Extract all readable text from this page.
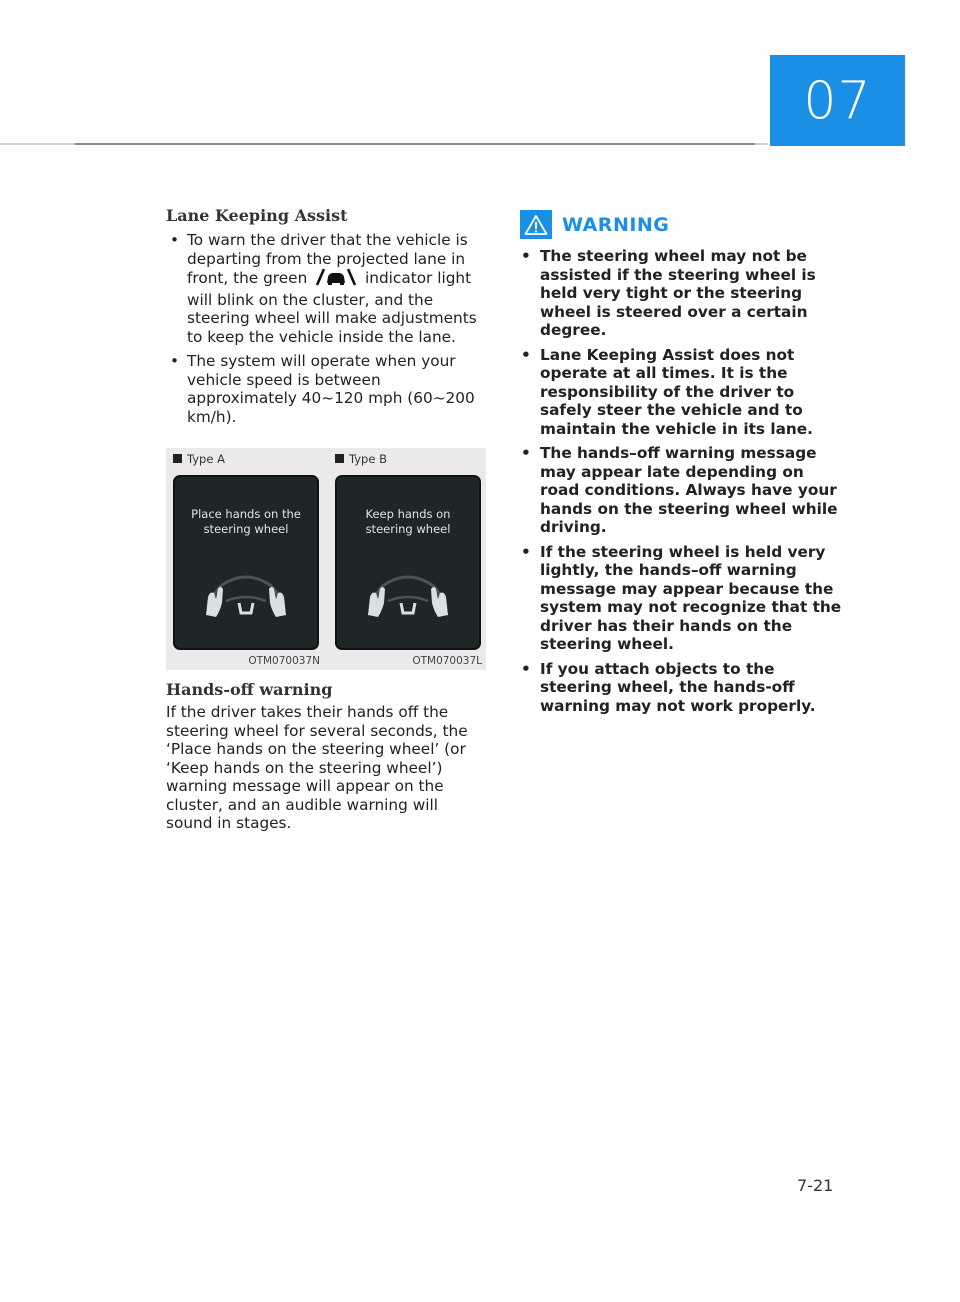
07
Lane Keeping Assist
• To warn the driver that the vehicle is departing from the projected lane in front, the green	indicator light will blink on the cluster, and the steering wheel will make adjustments to keep the vehicle inside the lane.
• The system will operate when your vehicle speed is between approximately 40~120 mph (60~200 km/h).
Type A
Place hands on the
steering wheel
OTM070037N
Type B
Keep hands on
steering wheel
OTM070037L
Hands-off warning

If the driver takes their hands off the steering wheel for several seconds, the ‘Place hands on the steering wheel’ (or ‘Keep hands on the steering wheel’) warning message will appear on the cluster, and an audible warning will sound in stages.

WARNING
• The steering wheel may not be assisted if the steering wheel is held very tight or the steering wheel is steered over a certain degree.
• Lane Keeping Assist does not operate at all times. It is the responsibility of the driver to safely steer the vehicle and to maintain the vehicle in its lane.
• The hands–off warning message may appear late depending on road conditions. Always have your hands on the steering wheel while driving.
• If the steering wheel is held very lightly, the hands–off warning message may appear because the system may not recognize that the driver has their hands on the steering wheel.
• If you attach objects to the steering wheel, the hands-off warning may not work properly.
7-21
